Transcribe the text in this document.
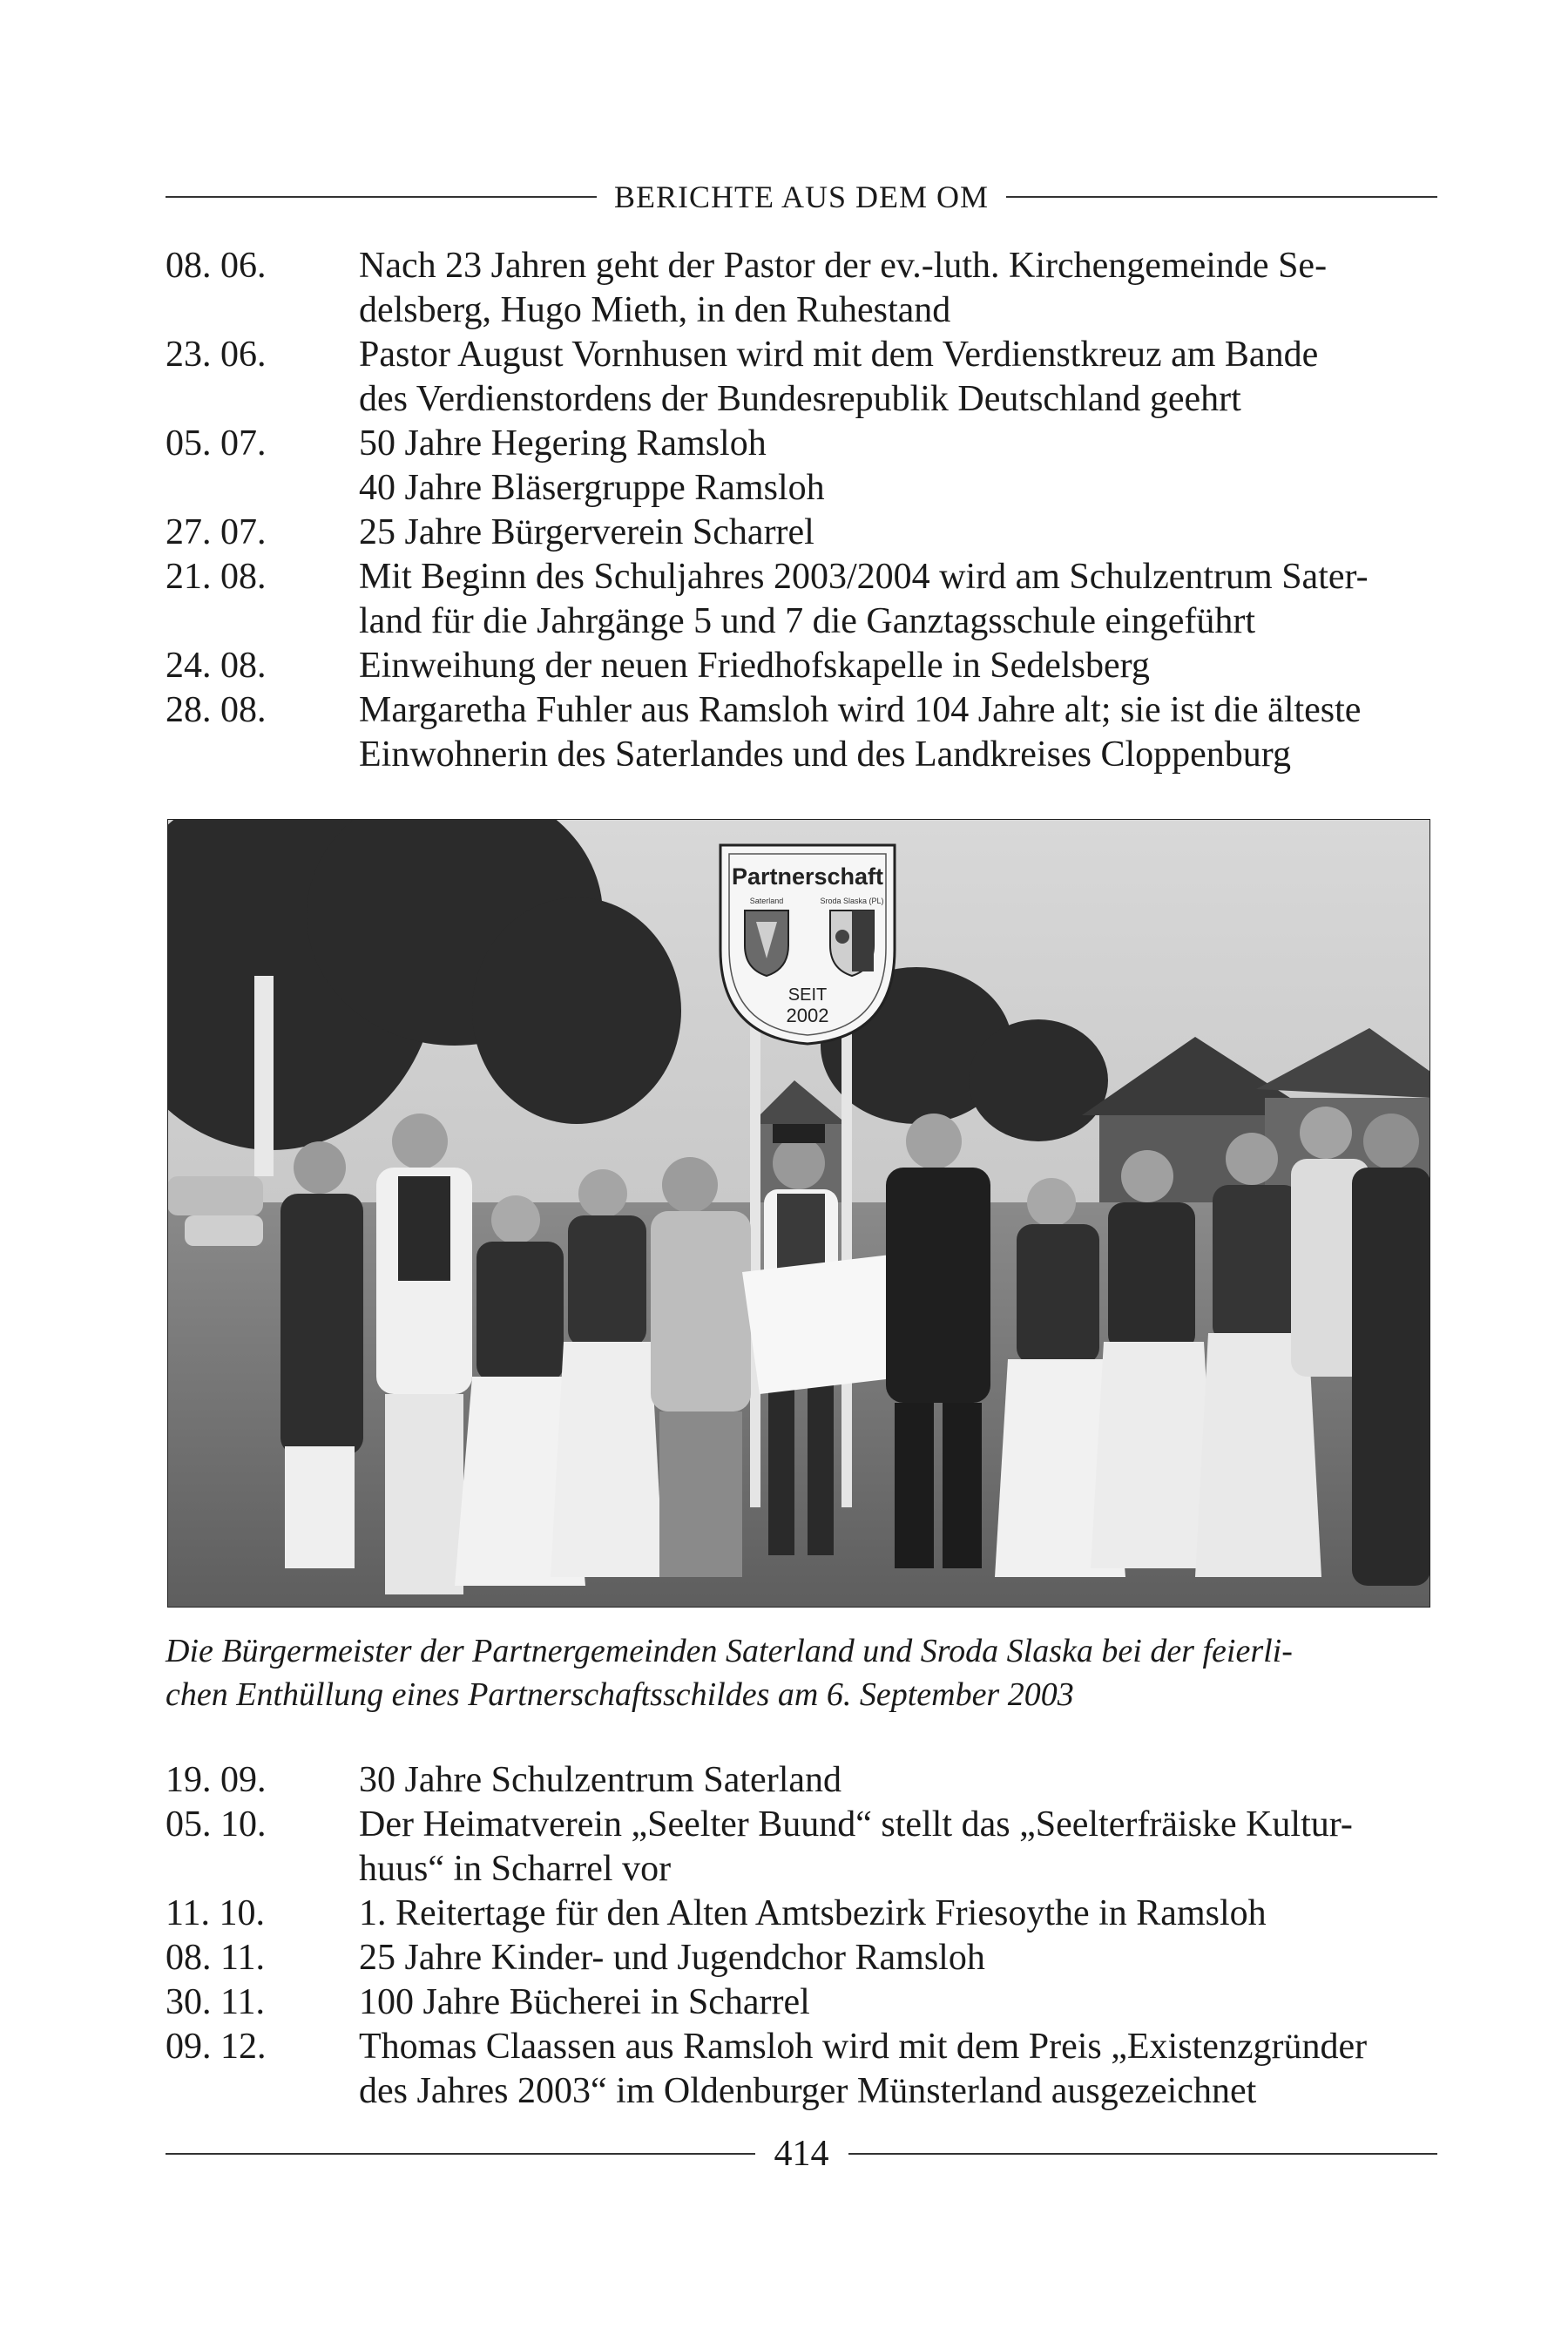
BERICHTE AUS DEM OM
08. 06.	Nach 23 Jahren geht der Pastor der ev.-luth. Kirchengemeinde Se-
delsberg, Hugo Mieth, in den Ruhestand
23. 06.	Pastor August Vornhusen wird mit dem Verdienstkreuz am Bande
des Verdienstordens der Bundesrepublik Deutschland geehrt
05. 07.	50 Jahre Hegering Ramsloh
40 Jahre Bläsergruppe Ramsloh
27. 07.	25 Jahre Bürgerverein Scharrel
21. 08.	Mit Beginn des Schuljahres 2003/2004 wird am Schulzentrum Sater-
land für die Jahrgänge 5 und 7 die Ganztagsschule eingeführt
24. 08.	Einweihung der neuen Friedhofskapelle in Sedelsberg
28. 08.	Margaretha Fuhler aus Ramsloh wird 104 Jahre alt; sie ist die älteste
Einwohnerin des Saterlandes und des Landkreises Cloppenburg
Partnerschaft
Saterland	Sroda Slaska (PL)
SEIT
2002
Die Bürgermeister der Partnergemeinden Saterland und Sroda Slaska bei der feierli-
chen Enthüllung eines Partnerschaftsschildes am 6. September 2003
19. 09.	30 Jahre Schulzentrum Saterland
05. 10.	Der Heimatverein „Seelter Buund“ stellt das „Seelterfräiske Kultur-
huus“ in Scharrel vor
11. 10.	1. Reitertage für den Alten Amtsbezirk Friesoythe in Ramsloh
08. 11.	25 Jahre Kinder- und Jugendchor Ramsloh
30. 11.	100 Jahre Bücherei in Scharrel
09. 12.	Thomas Claassen aus Ramsloh wird mit dem Preis „Existenzgründer
des Jahres 2003“ im Oldenburger Münsterland ausgezeichnet
414
